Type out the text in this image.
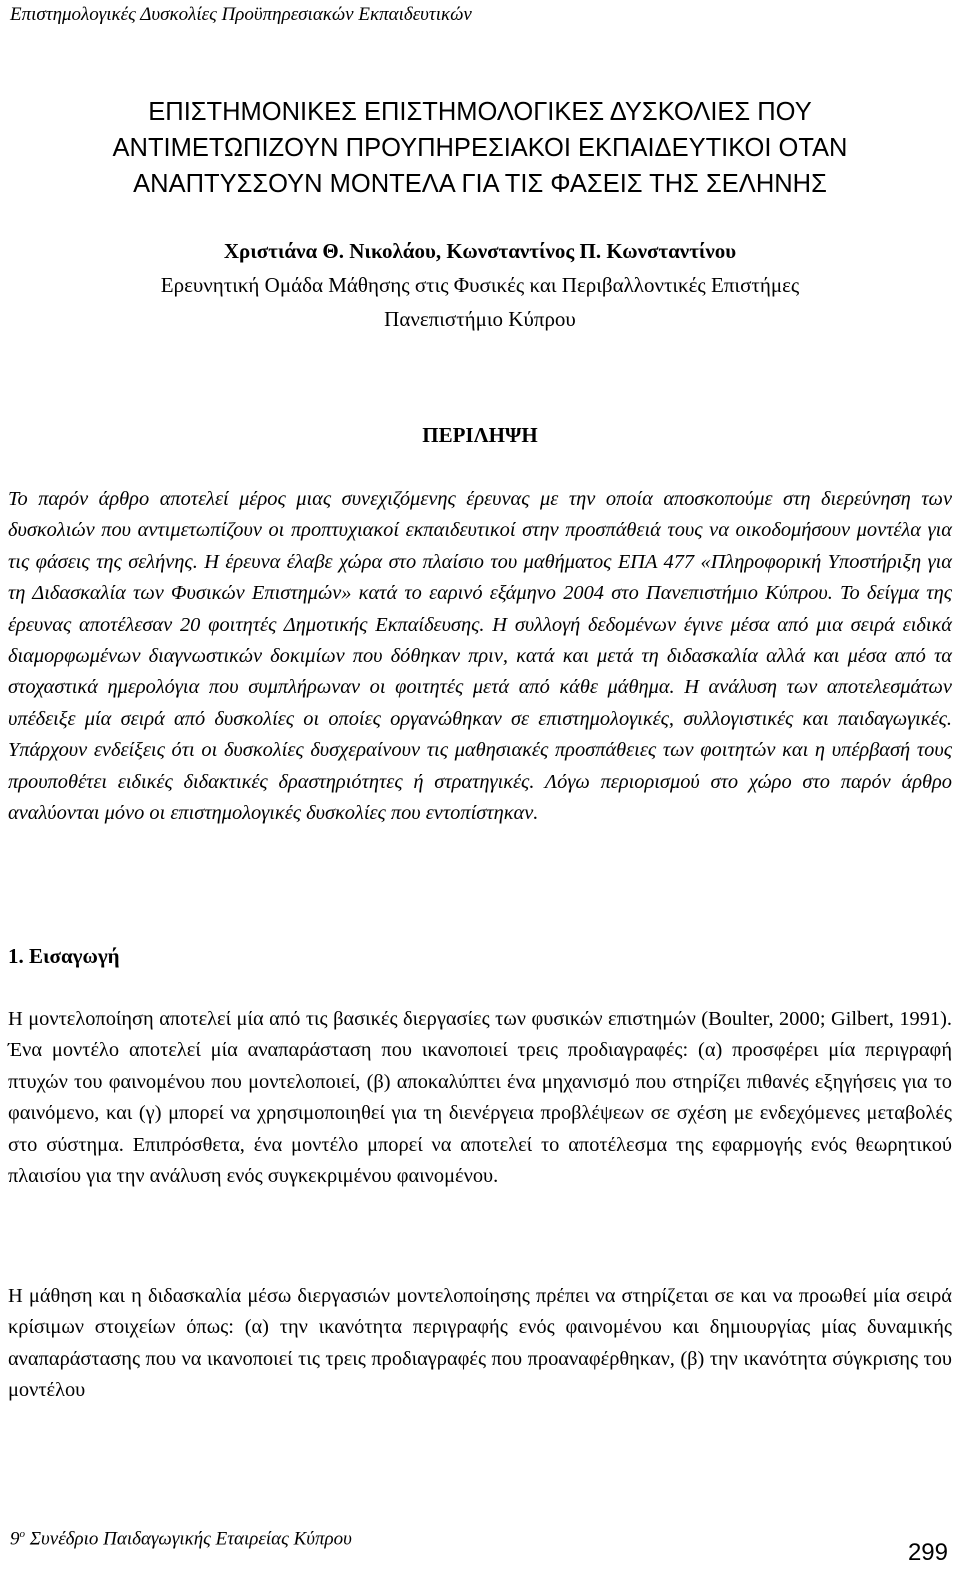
Επιστημολογικές Δυσκολίες Προϋπηρεσιακών Εκπαιδευτικών
ΕΠΙΣΤΗΜΟΝΙΚΕΣ ΕΠΙΣΤΗΜΟΛΟΓΙΚΕΣ ΔΥΣΚΟΛΙΕΣ ΠΟΥ
ΑΝΤΙΜΕΤΩΠΙΖΟΥΝ ΠΡΟΥΠΗΡΕΣΙΑΚΟΙ ΕΚΠΑΙΔΕΥΤΙΚΟΙ ΟΤΑΝ
ΑΝΑΠΤΥΣΣΟΥΝ ΜΟΝΤΕΛΑ ΓΙΑ ΤΙΣ ΦΑΣΕΙΣ ΤΗΣ ΣΕΛΗΝΗΣ
Χριστιάνα Θ. Νικολάου, Κωνσταντίνος Π. Κωνσταντίνου
Ερευνητική Ομάδα Μάθησης στις Φυσικές και Περιβαλλοντικές Επιστήμες
Πανεπιστήμιο Κύπρου
ΠΕΡΙΛΗΨΗ

Το παρόν άρθρο αποτελεί μέρος μιας συνεχιζόμενης έρευνας με την οποία αποσκοπούμε στη διερεύνηση των δυσκολιών που αντιμετωπίζουν οι προπτυχιακοί εκπαιδευτικοί στην προσπάθειά τους να οικοδομήσουν μοντέλα για τις φάσεις της σελήνης. Η έρευνα έλαβε χώρα στο πλαίσιο του μαθήματος ΕΠΑ 477 «Πληροφορική Υποστήριξη για τη Διδασκαλία των Φυσικών Επιστημών» κατά το εαρινό εξάμηνο 2004 στο Πανεπιστήμιο Κύπρου. Το δείγμα της έρευνας αποτέλεσαν 20 φοιτητές Δημοτικής Εκπαίδευσης. Η συλλογή δεδομένων έγινε μέσα από μια σειρά ειδικά διαμορφωμένων διαγνωστικών δοκιμίων που δόθηκαν πριν, κατά και μετά τη διδασκαλία αλλά και μέσα από τα στοχαστικά ημερολόγια που συμπλήρωναν οι φοιτητές μετά από κάθε μάθημα. Η ανάλυση των αποτελεσμάτων υπέδειξε μία σειρά από δυσκολίες οι οποίες οργανώθηκαν σε επιστημολογικές, συλλογιστικές και παιδαγωγικές. Υπάρχουν ενδείξεις ότι οι δυσκολίες δυσχεραίνουν τις μαθησιακές προσπάθειες των φοιτητών και η υπέρβασή τους προυποθέτει ειδικές διδακτικές δραστηριότητες ή στρατηγικές. Λόγω περιορισμού στο χώρο στο παρόν άρθρο αναλύονται μόνο οι επιστημολογικές δυσκολίες που εντοπίστηκαν.

1. Εισαγωγή

Η μοντελοποίηση αποτελεί μία από τις βασικές διεργασίες των φυσικών επιστημών (Boulter, 2000; Gilbert, 1991). Ένα μοντέλο αποτελεί μία αναπαράσταση που ικανοποιεί τρεις προδιαγραφές: (α) προσφέρει μία περιγραφή πτυχών του φαινομένου που μοντελοποιεί, (β) αποκαλύπτει ένα μηχανισμό που στηρίζει πιθανές εξηγήσεις για το φαινόμενο, και (γ) μπορεί να χρησιμοποιηθεί για τη διενέργεια προβλέψεων σε σχέση με ενδεχόμενες μεταβολές στο σύστημα. Επιπρόσθετα, ένα μοντέλο μπορεί να αποτελεί το αποτέλεσμα της εφαρμογής ενός θεωρητικού πλαισίου για την ανάλυση ενός συγκεκριμένου φαινομένου.

Η μάθηση και η διδασκαλία μέσω διεργασιών μοντελοποίησης πρέπει να στηρίζεται σε και να προωθεί μία σειρά κρίσιμων στοιχείων όπως: (α) την ικανότητα περιγραφής ενός φαινομένου και δημιουργίας μίας δυναμικής αναπαράστασης που να ικανοποιεί τις τρεις προδιαγραφές που προαναφέρθηκαν, (β) την ικανότητα σύγκρισης του μοντέλου

$9^o$ Συνέδριο Παιδαγωγικής Εταιρείας Κύπρου
299
